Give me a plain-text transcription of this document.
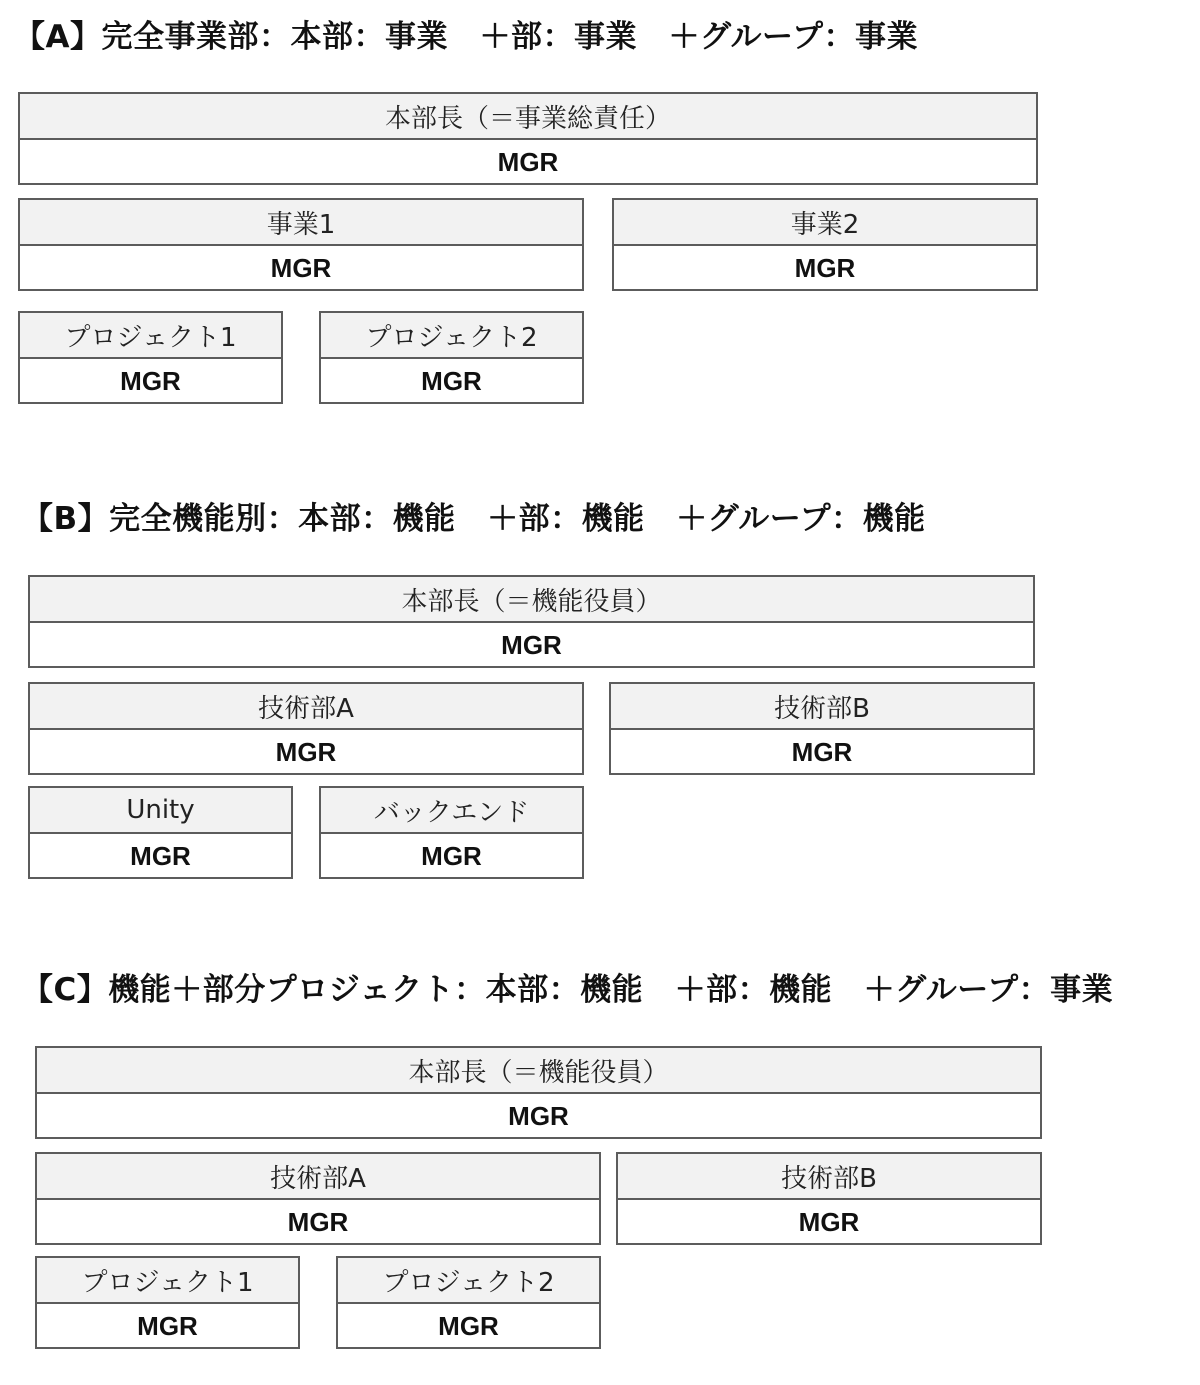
【A】完全事業部：本部：事業　＋部：事業　＋グループ：事業
本部長（＝事業総責任）
MGR
事業1
MGR
事業2
MGR
プロジェクト1
MGR
プロジェクト2
MGR
【B】完全機能別：本部：機能　＋部：機能　＋グループ：機能
本部長（＝機能役員）
MGR
技術部A
MGR
技術部B
MGR
Unity
MGR
バックエンド
MGR
【C】機能＋部分プロジェクト：本部：機能　＋部：機能　＋グループ：事業
本部長（＝機能役員）
MGR
技術部A
MGR
技術部B
MGR
プロジェクト1
MGR
プロジェクト2
MGR
